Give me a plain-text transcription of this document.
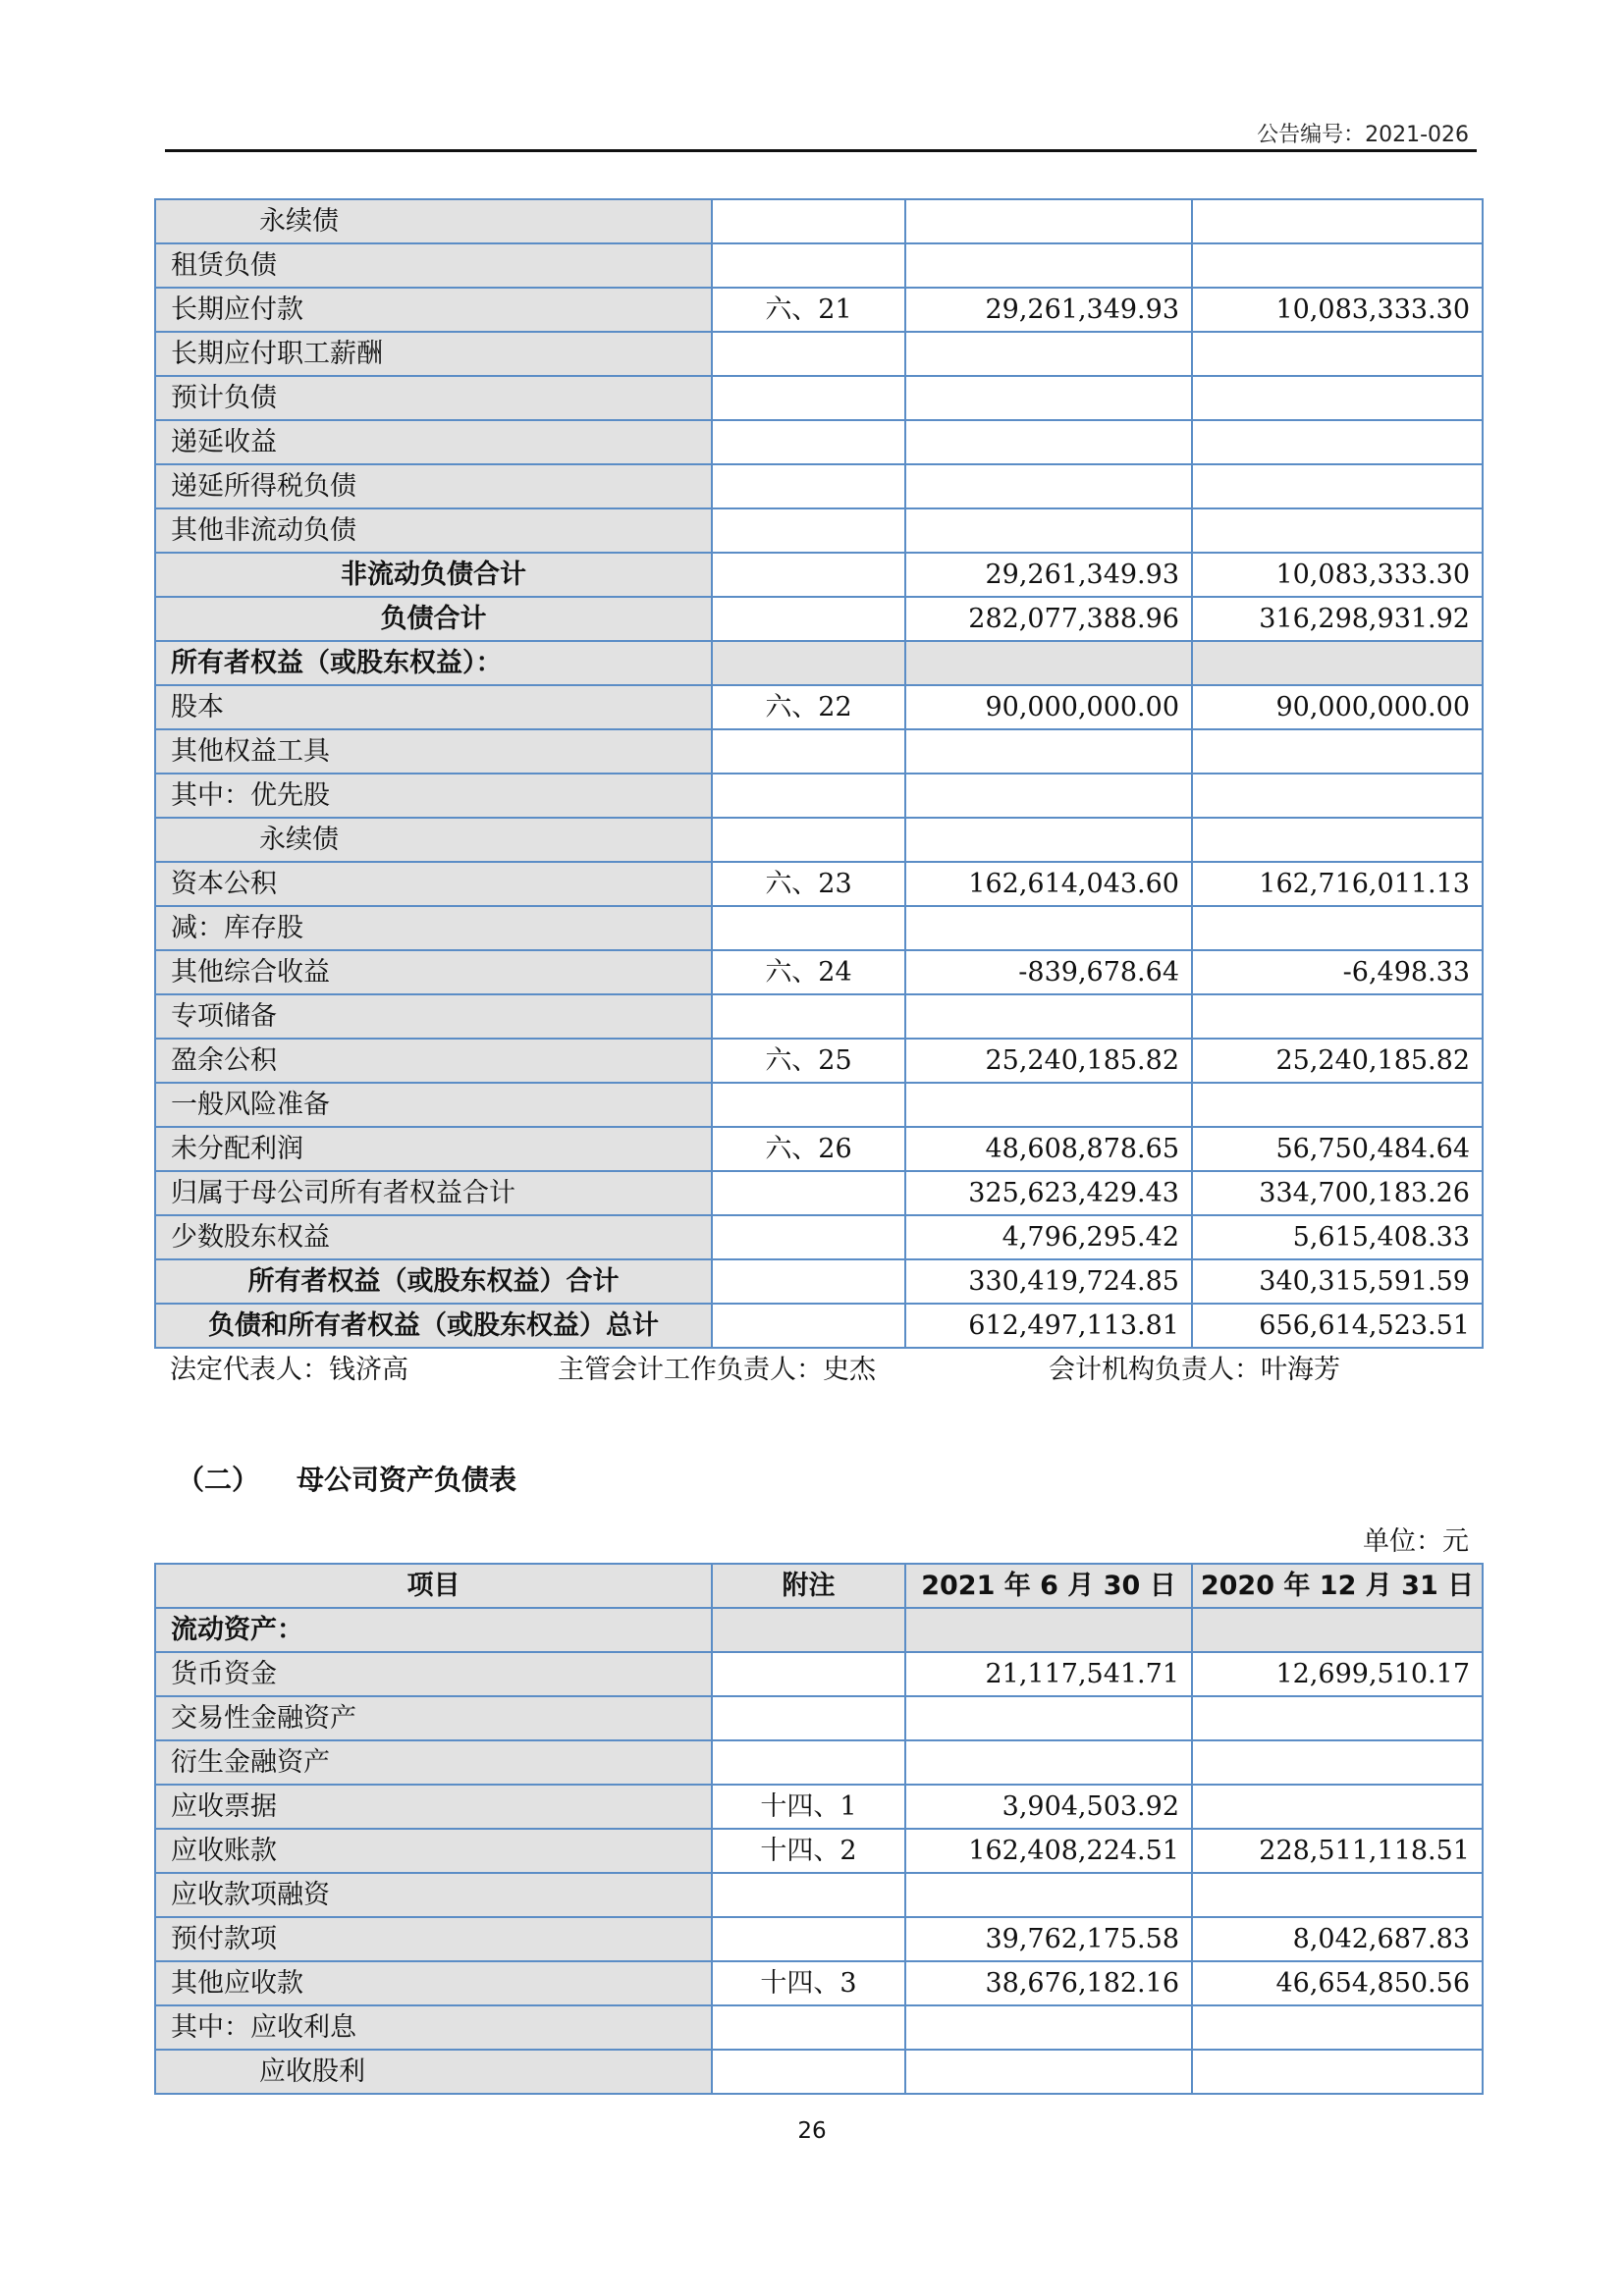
公告编号：2021-026
永续债			
租赁负债			
长期应付款	六、21	29,261,349.93	10,083,333.30
长期应付职工薪酬			
预计负债			
递延收益			
递延所得税负债			
其他非流动负债			
非流动负债合计		29,261,349.93	10,083,333.30
负债合计		282,077,388.96	316,298,931.92
所有者权益（或股东权益）：			
股本	六、22	90,000,000.00	90,000,000.00
其他权益工具			
其中：优先股			
永续债			
资本公积	六、23	162,614,043.60	162,716,011.13
减：库存股			
其他综合收益	六、24	-839,678.64	-6,498.33
专项储备			
盈余公积	六、25	25,240,185.82	25,240,185.82
一般风险准备			
未分配利润	六、26	48,608,878.65	56,750,484.64
归属于母公司所有者权益合计		325,623,429.43	334,700,183.26
少数股东权益		4,796,295.42	5,615,408.33
所有者权益（或股东权益）合计		330,419,724.85	340,315,591.59
负债和所有者权益（或股东权益）总计		612,497,113.81	656,614,523.51
法定代表人：钱济高	主管会计工作负责人：史杰	会计机构负责人：叶海芳
（二） 母公司资产负债表
单位：元
项目	附注	2021 年 6 月 30 日	2020 年 12 月 31 日
流动资产：			
货币资金		21,117,541.71	12,699,510.17
交易性金融资产			
衍生金融资产			
应收票据	十四、1	3,904,503.92	
应收账款	十四、2	162,408,224.51	228,511,118.51
应收款项融资			
预付款项		39,762,175.58	8,042,687.83
其他应收款	十四、3	38,676,182.16	46,654,850.56
其中：应收利息			
应收股利			
26
